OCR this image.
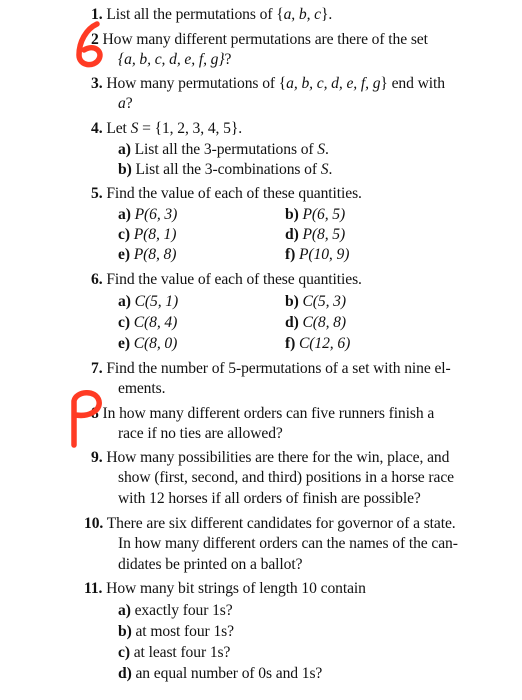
1. List all the permutations of {a, b, c}.
2 How many different permutations are there of the set
{a, b, c, d, e, f, g}?
3. How many permutations of {a, b, c, d, e, f, g} end with
a?
4. Let S = {1, 2, 3, 4, 5}.
a) List all the 3-permutations of S.
b) List all the 3-combinations of S.
5. Find the value of each of these quantities.
a) P(6, 3)	b) P(6, 5)
c) P(8, 1)	d) P(8, 5)
e) P(8, 8)	f) P(10, 9)
6. Find the value of each of these quantities.
a) C(5, 1)	b) C(5, 3)
c) C(8, 4)	d) C(8, 8)
e) C(8, 0)	f) C(12, 6)
7. Find the number of 5-permutations of a set with nine el-
ements.
8 In how many different orders can five runners finish a
race if no ties are allowed?
9. How many possibilities are there for the win, place, and
show (first, second, and third) positions in a horse race
with 12 horses if all orders of finish are possible?
10. There are six different candidates for governor of a state.
In how many different orders can the names of the can-
didates be printed on a ballot?
11. How many bit strings of length 10 contain
a) exactly four 1s?
b) at most four 1s?
c) at least four 1s?
d) an equal number of 0s and 1s?
